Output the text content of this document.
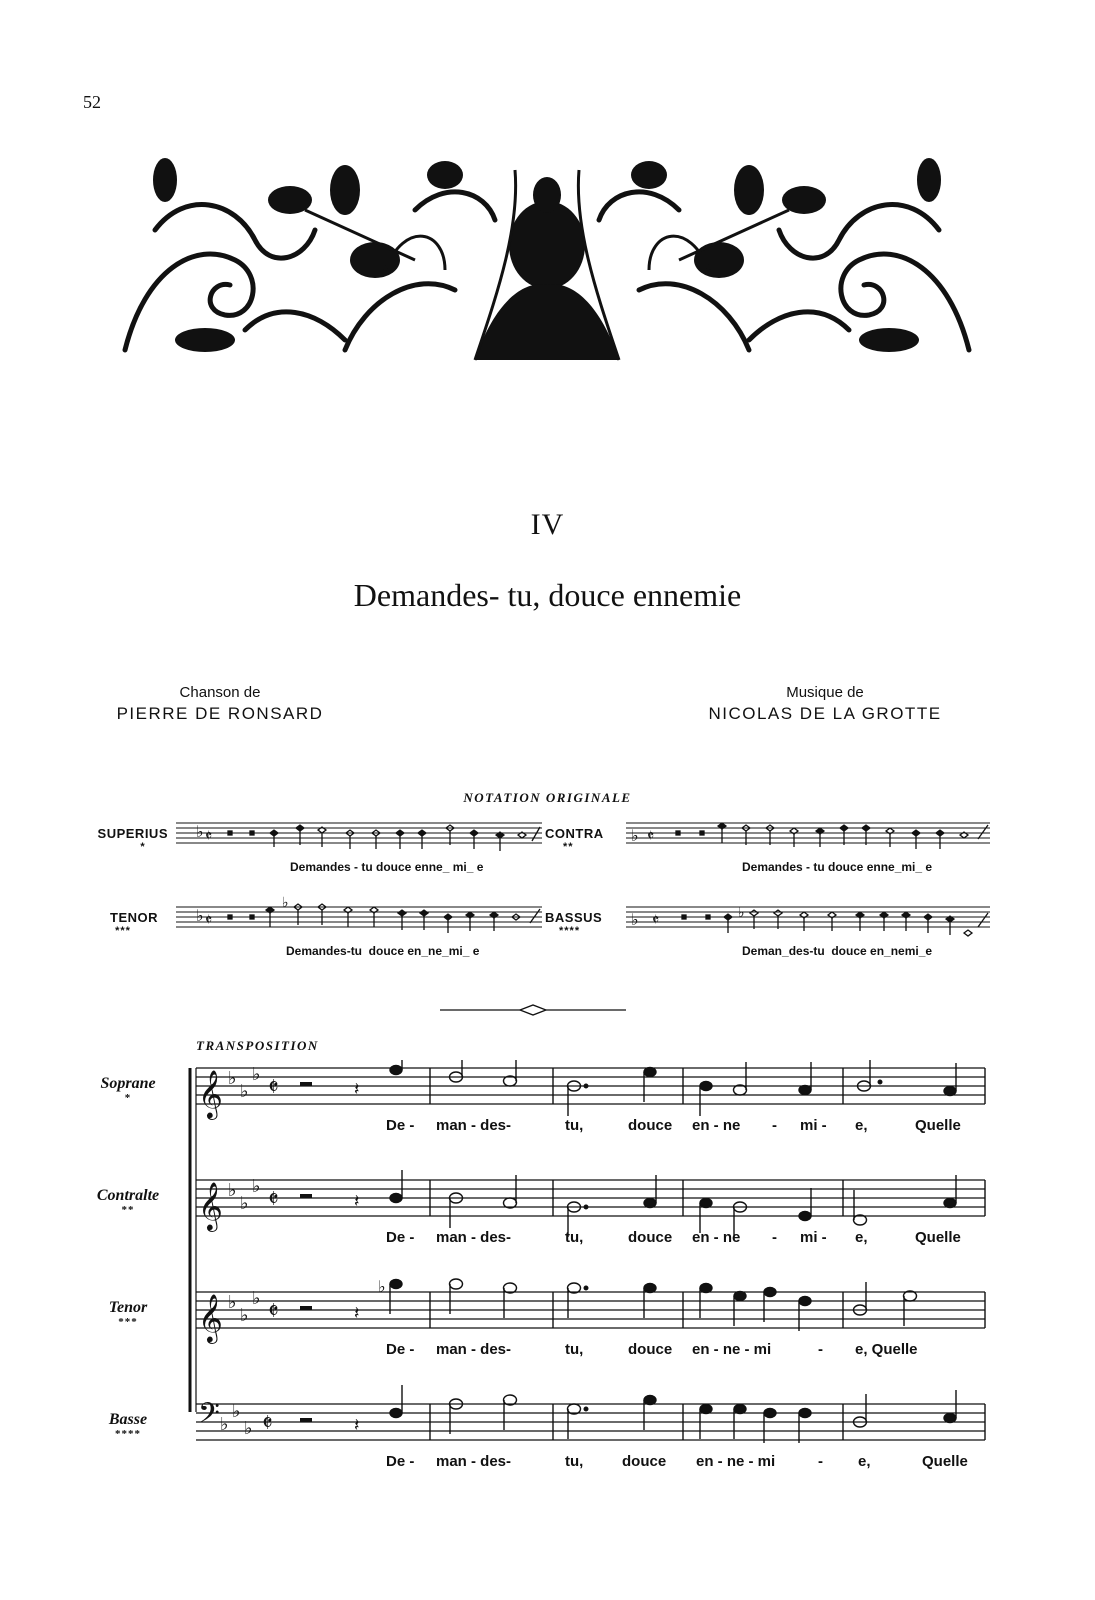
52
IV
Demandes- tu, douce ennemie
Chanson de
PIERRE DE RONSARD
Musique de
NICOLAS DE LA GROTTE
NOTATION ORIGINALE
SUPERIUS
*
CONTRA
**
TENOR
***
BASSUS
****
♭ 𝄵	♭ 𝄵
♭ 𝄵
♭
♭ 𝄵	♭
Demandes - tu douce enne_ mi_ e	Demandes - tu douce enne_mi_ e
Demandes-tu  douce en_ne_mi_ e	Deman_des-tu  douce en_nemi_e
TRANSPOSITION
Soprane
*
Contralte
**
Tenor
***
Basse
****
𝄞
𝄞
𝄞
𝄢
♭
♭
♭
♭
♭
♭
♭
♭
♭
♭
♭
♭
𝄵
𝄵
𝄵
𝄵
𝄽
𝄽
𝄽
𝄽
♭
De - man - des-	tu,	douce en - ne - mi - e,	Quelle
De - man - des-	tu,	douce en - ne - mi - e,	Quelle
De - man - des-	tu,	douce en - ne - mi	- e, Quelle
De - man - des-	tu,	douce en - ne - mi	- e,	Quelle
